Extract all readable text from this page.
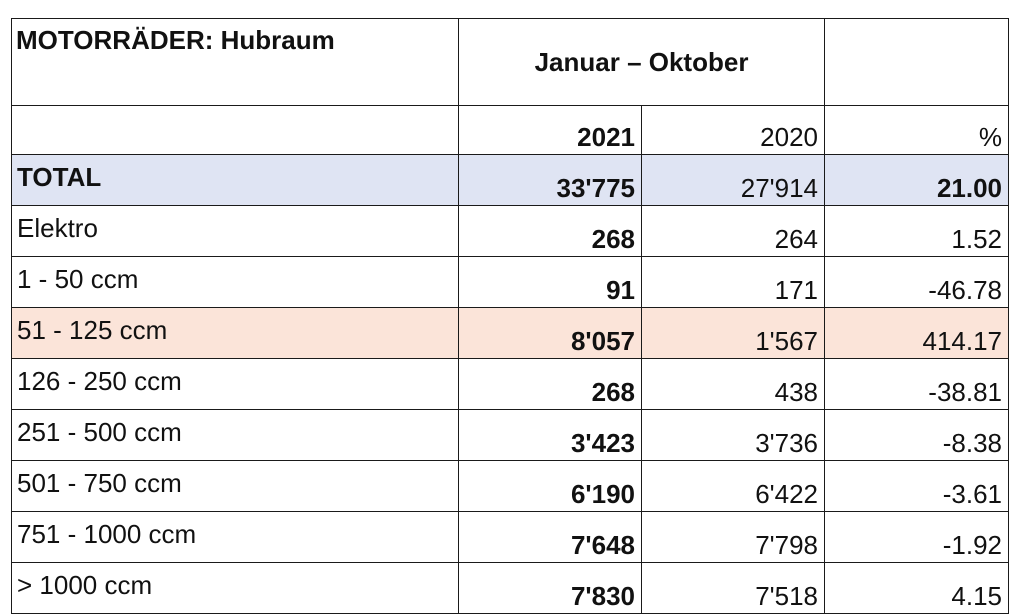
MOTORRÄDER: Hubraum	Januar – Oktober		
	2021	2020	%
TOTAL	33'775	27'914	21.00
Elektro	268	264	1.52
1 - 50 ccm	91	171	-46.78
51 - 125 ccm	8'057	1'567	414.17
126 - 250 ccm	268	438	-38.81
251 - 500 ccm	3'423	3'736	-8.38
501 - 750 ccm	6'190	6'422	-3.61
751 - 1000 ccm	7'648	7'798	-1.92
> 1000 ccm	7'830	7'518	4.15
